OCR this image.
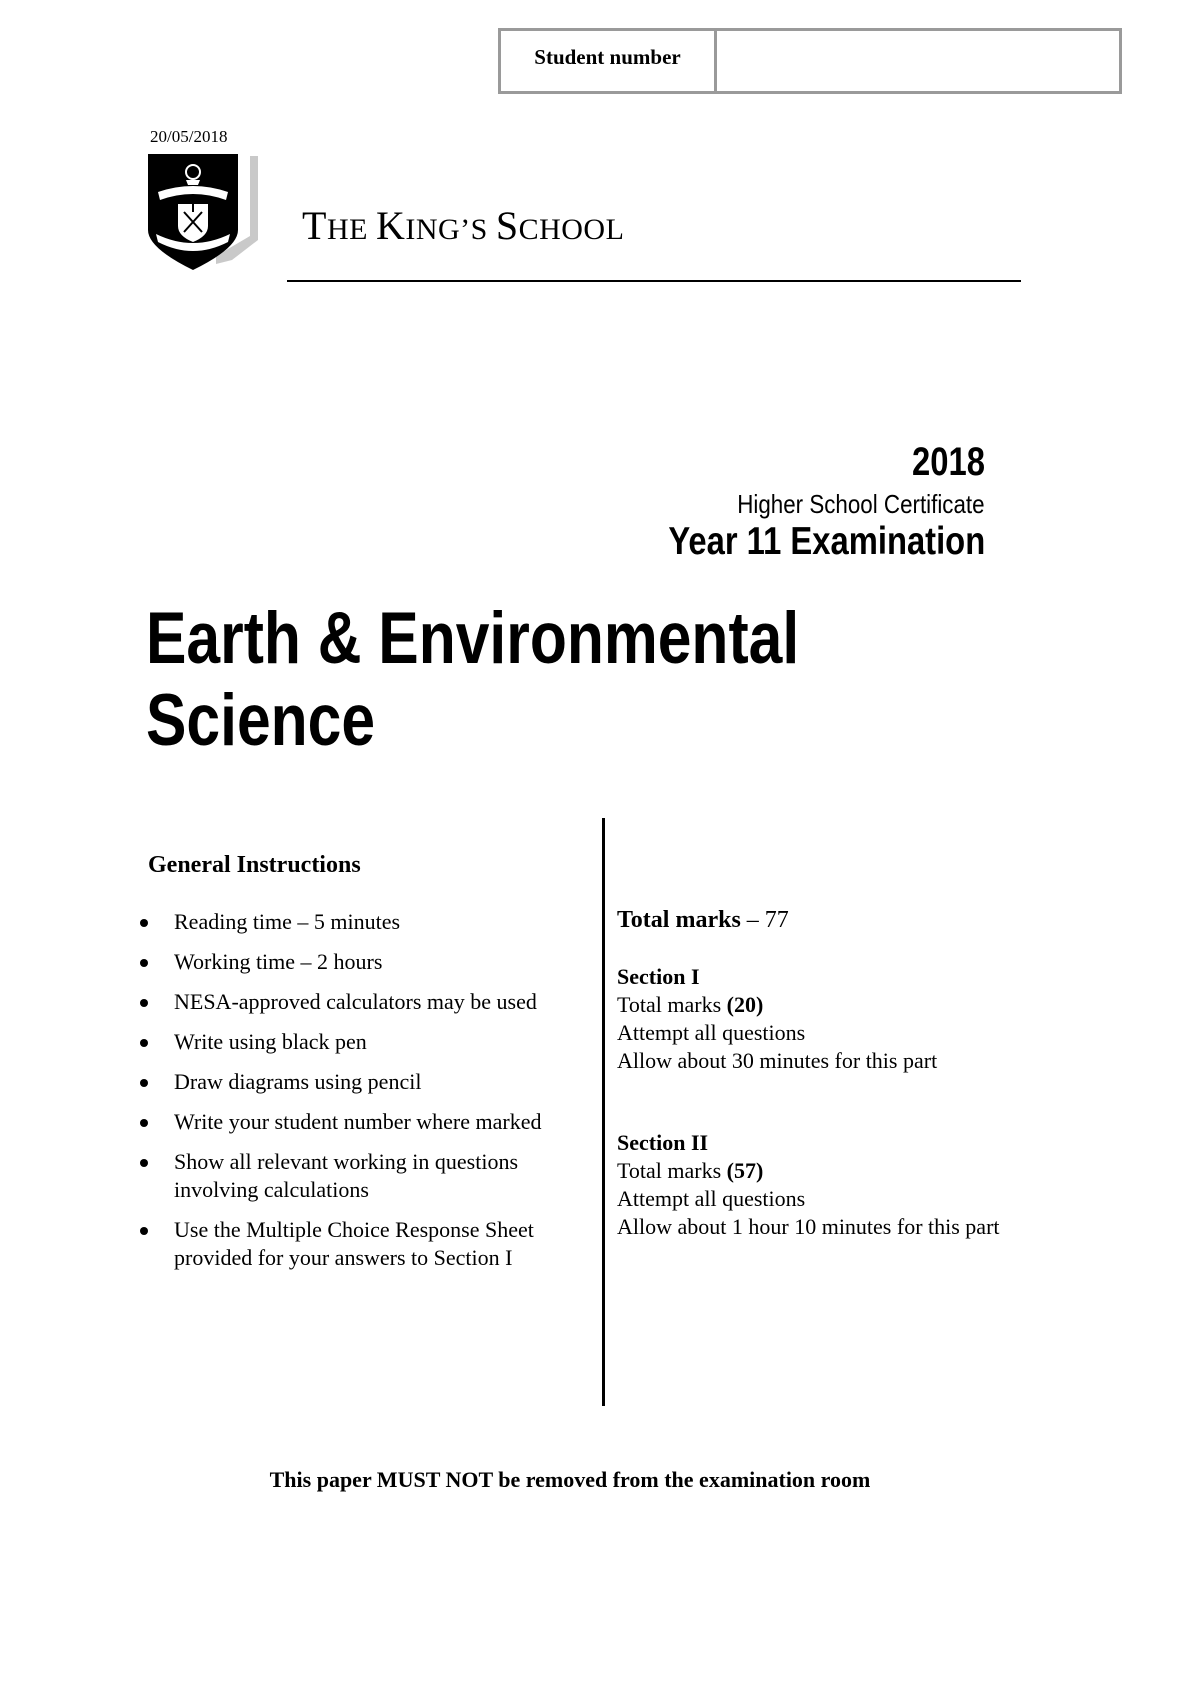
Student number
20/05/2018
THE KING’S SCHOOL
2018
Higher School Certificate
Year 11 Examination
Earth & Environmental
Science
General Instructions
Reading time – 5 minutes
Working time – 2 hours
NESA-approved calculators may be used
Write using black pen
Draw diagrams using pencil
Write your student number where marked
Show all relevant working in questions involving calculations
Use the Multiple Choice Response Sheet provided for your answers to Section I
Total marks – 77
Section I
Total marks (20)
Attempt all questions
Allow about 30 minutes for this part
Section II
Total marks (57)
Attempt all questions
Allow about 1 hour 10 minutes for this part
This paper MUST NOT be removed from the examination room
